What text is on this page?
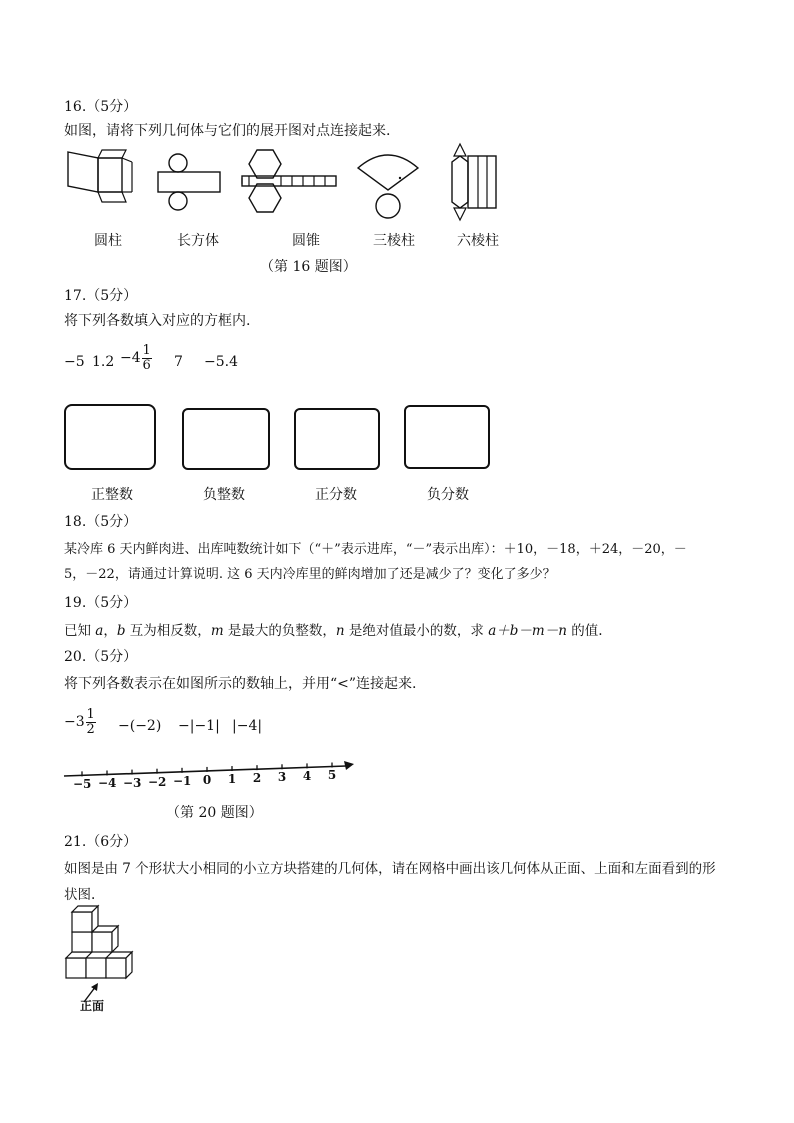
16.（5分）
如图，请将下列几何体与它们的展开图对点连接起来.
圆柱	长方体	圆锥	三棱柱	六棱柱
（第 16 题图）
17.（5分）
将下列各数填入对应的方框内.
−5 $1.2 -4 \frac{1}{6} 7 -5.4$
正整数	负整数	正分数	负分数
18.（5分）
某冷库 6 天内鲜肉进、出库吨数统计如下（“＋”表示进库，“－”表示出库）：＋10，－18，＋24，－20，－
5，－22，请通过计算说明. 这 6 天内冷库里的鲜肉增加了还是减少了？变化了多少？
19.（5分）
已知 a，b 互为相反数，m 是最大的负整数，n 是绝对值最小的数，求 a＋b－m－n 的值.
20.（5分）
将下列各数表示在如图所示的数轴上，并用“<”连接起来.
$-3 \frac{1}{2} -(-2) -|-1|$ |−4|
−5 −4 −3 −2 −1 0	1	2	3	4	5
（第 20 题图）
21.（6分）
如图是由 7 个形状大小相同的小立方块搭建的几何体，请在网格中画出该几何体从正面、上面和左面看到的形
状图.
正面
